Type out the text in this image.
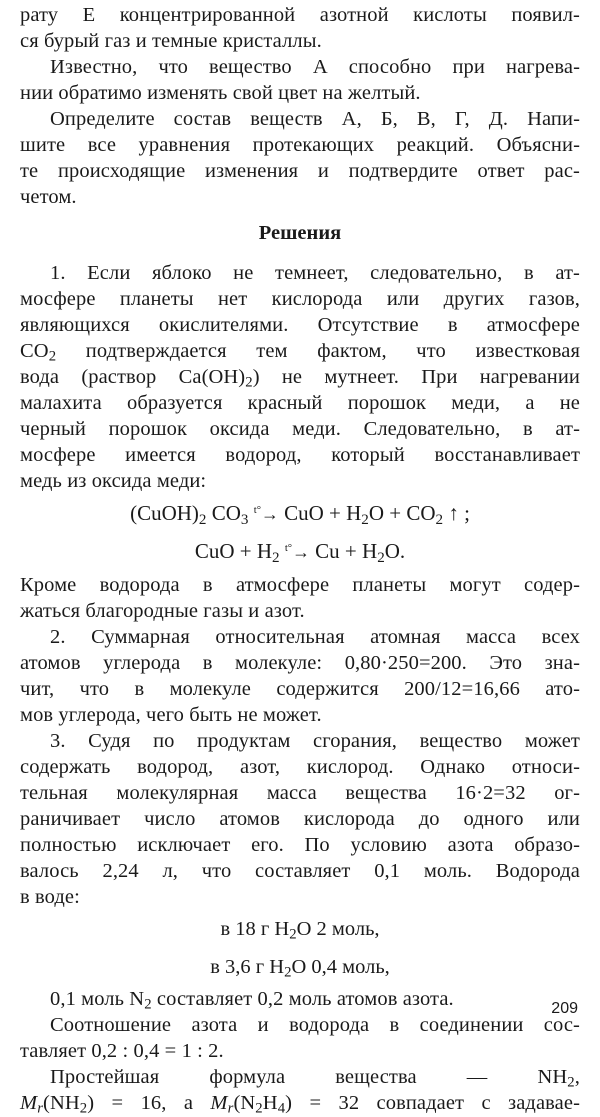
рату Е концентрированной азотной кислоты появил-
ся бурый газ и темные кристаллы.
Известно, что вещество А способно при нагрева-
нии обратимо изменять свой цвет на желтый.
Определите состав веществ А, Б, В, Г, Д. Напи-
шите все уравнения протекающих реакций. Объясни-
те происходящие изменения и подтвердите ответ рас-
четом.
Решения
1. Если яблоко не темнеет, следовательно, в ат-
мосфере планеты нет кислорода или других газов,
являющихся окислителями. Отсутствие в атмосфере
$CO_2$ подтверждается тем фактом, что известковая
вода (раствор $Ca(OH)_2$) не мутнеет. При нагревании
малахита образуется красный порошок меди, а не
черный порошок оксида меди. Следовательно, в ат-
мосфере имеется водород, который восстанавливает
медь из оксида меди:
$(CuOH)_2$ $CO_3$ $^{t^\circ}$→ CuO + $H_2O + CO_2$ ↑ ;
CuO + $H_2$ $^{t^\circ}\to Cu + H_2O$.
Кроме водорода в атмосфере планеты могут содер-
жаться благородные газы и азот.
2. Суммарная относительная атомная масса всех
атомов углерода в молекуле: 0,80·250=200. Это зна-
чит, что в молекуле содержится 200/12=16,66 ато-
мов углерода, чего быть не может.
3. Судя по продуктам сгорания, вещество может
содержать водород, азот, кислород. Однако относи-
тельная молекулярная масса вещества 16·2=32 ог-
раничивает число атомов кислорода до одного или
полностью исключает его. По условию азота образо-
валось 2,24 л, что составляет 0,1 моль. Водорода
в воде:
в 18 г $H_2O$ 2 моль,
в 3,6 г $H_2O$ 0,4 моль,
0,1 моль $N_2$ составляет 0,2 моль атомов азота.
Соотношение азота и водорода в соединении сос-
тавляет 0,2 : 0,4 = 1 : 2.
Простейшая формула вещества — $NH_2$,
$M_r(NH_2) = 16$, а $M_r(N_2H_4) = 32$ совпадает с задавае-
209
